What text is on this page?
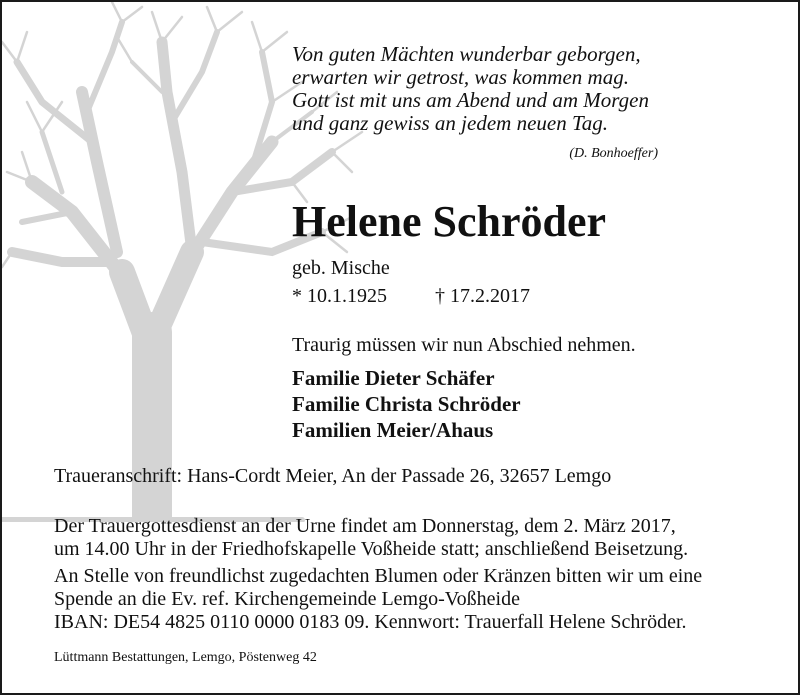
Von guten Mächten wunderbar geborgen,
erwarten wir getrost, was kommen mag.
Gott ist mit uns am Abend und am Morgen
und ganz gewiss an jedem neuen Tag.
(D. Bonhoeffer)
Helene Schröder
geb. Mische
* 10.1.1925 † 17.2.2017
Traurig müssen wir nun Abschied nehmen.
Familie Dieter Schäfer
Familie Christa Schröder
Familien Meier/Ahaus
Traueranschrift: Hans-Cordt Meier, An der Passade 26, 32657 Lemgo
Der Trauergottesdienst an der Urne findet am Donnerstag, dem 2. März 2017,
um 14.00 Uhr in der Friedhofskapelle Voßheide statt; anschließend Beisetzung.
An Stelle von freundlichst zugedachten Blumen oder Kränzen bitten wir um eine
Spende an die Ev. ref. Kirchengemeinde Lemgo-Voßheide
IBAN: DE54 4825 0110 0000 0183 09. Kennwort: Trauerfall Helene Schröder.
Lüttmann Bestattungen, Lemgo, Pöstenweg 42
